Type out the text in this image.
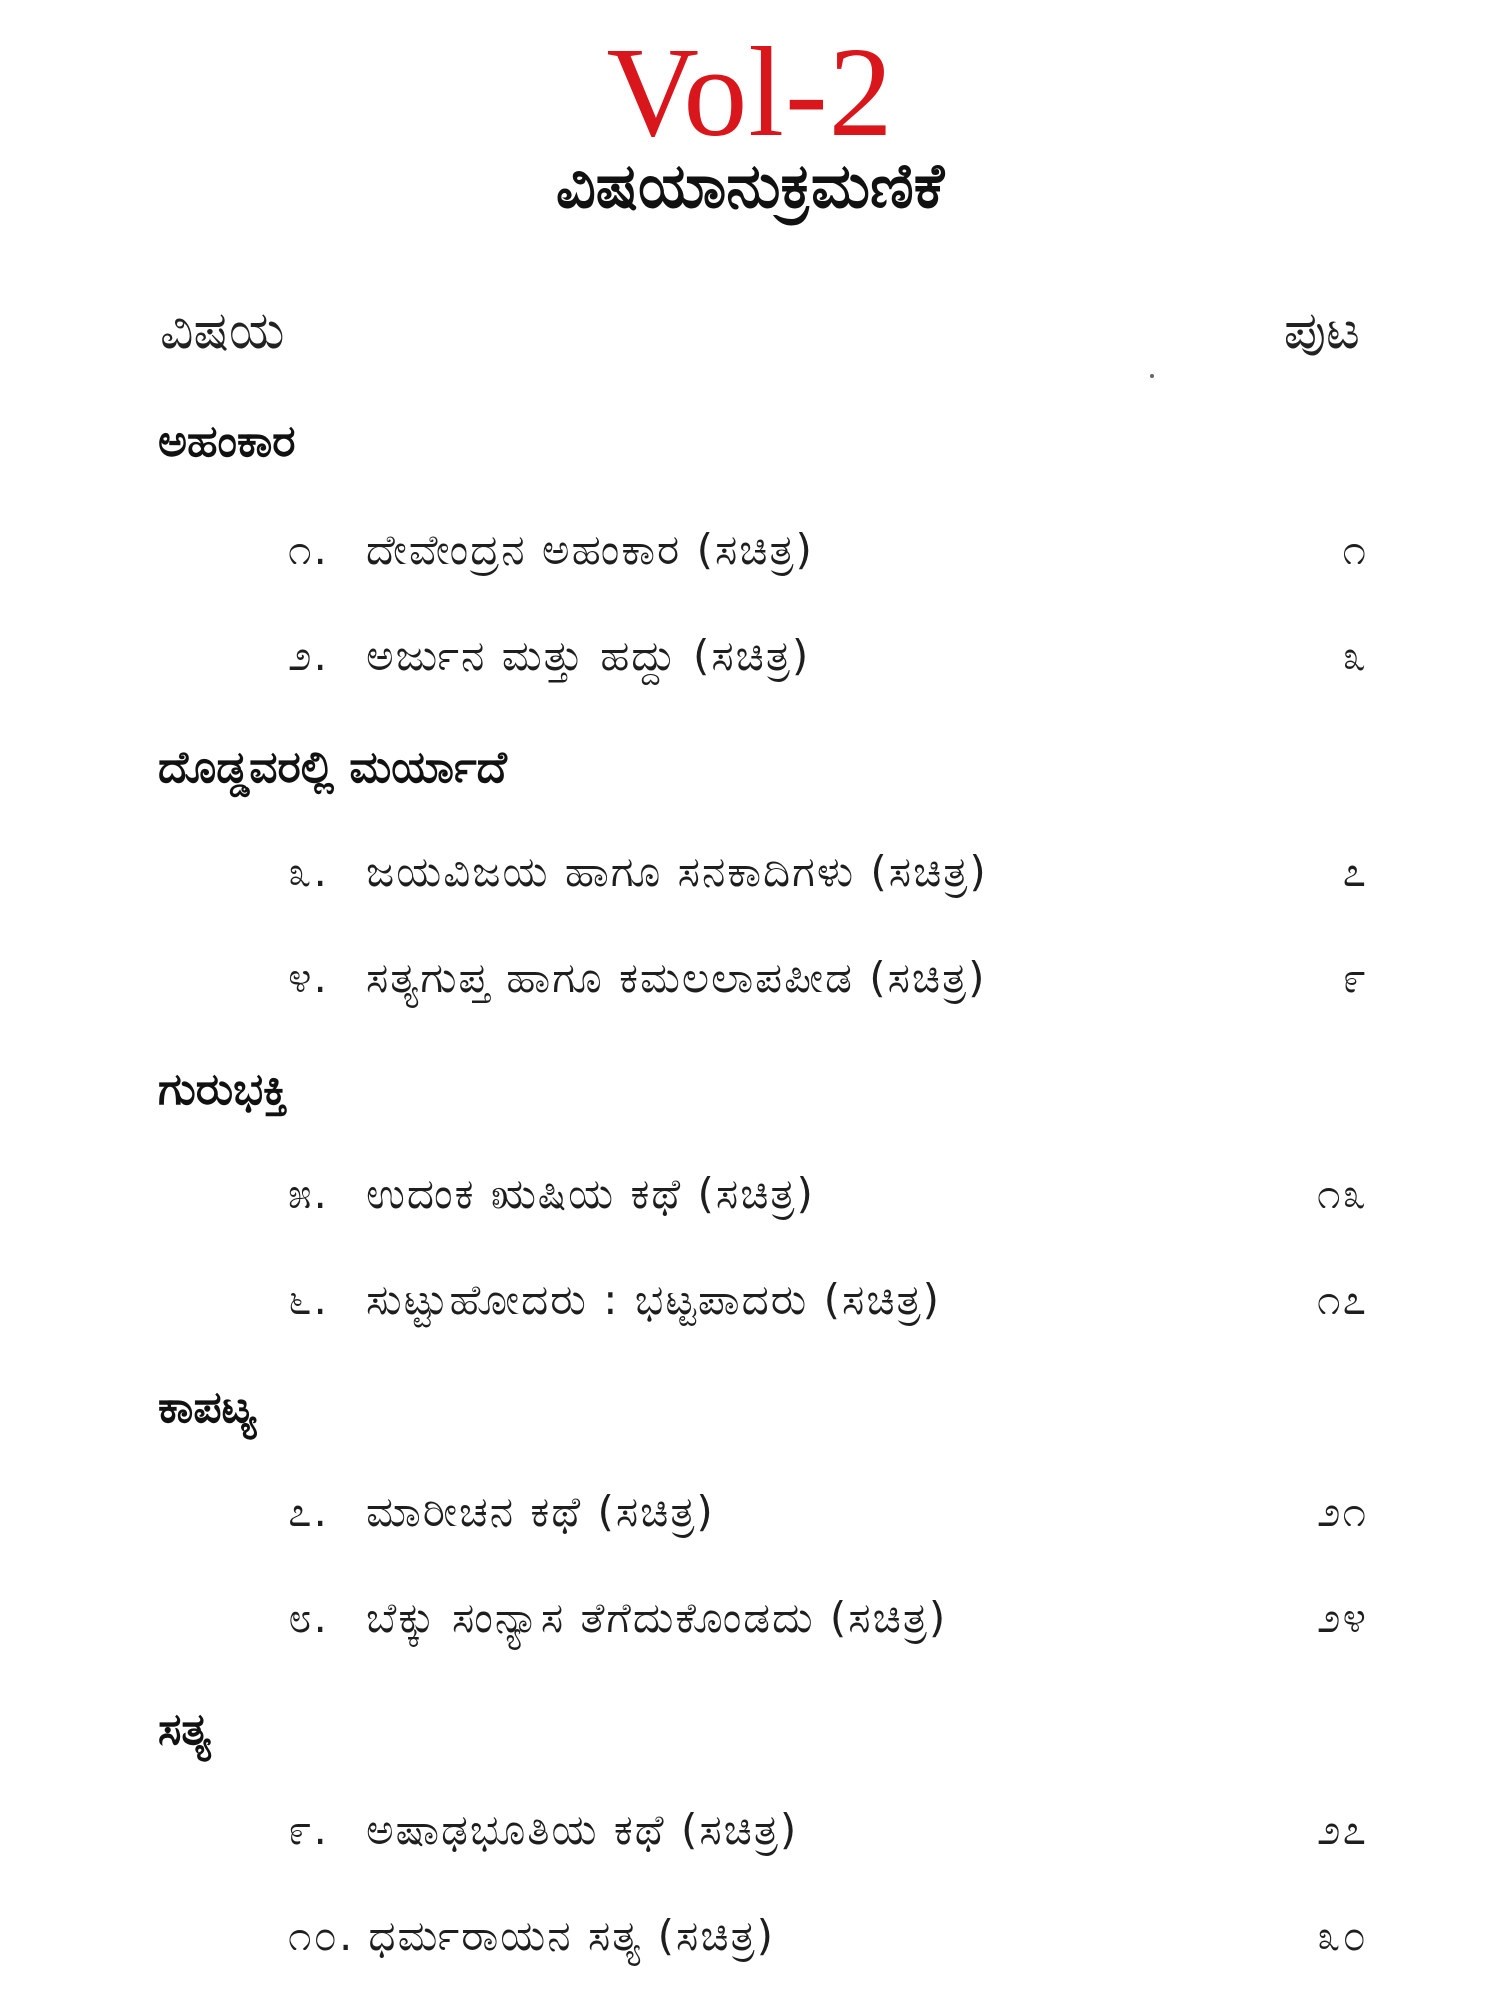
Vol-2
ವಿಷಯಾನುಕ್ರಮಣಿಕೆ
ವಿಷಯ	ಪುಟ
ಅಹಂಕಾರ
೧. ದೇವೇಂದ್ರನ ಅಹಂಕಾರ (ಸಚಿತ್ರ)	೧
೨. ಅರ್ಜುನ ಮತ್ತು ಹದ್ದು (ಸಚಿತ್ರ)	೩
ದೊಡ್ಡವರಲ್ಲಿ ಮರ್ಯಾದೆ
೩. ಜಯವಿಜಯ ಹಾಗೂ ಸನಕಾದಿಗಳು (ಸಚಿತ್ರ)	೭
೪. ಸತ್ಯಗುಪ್ತ ಹಾಗೂ ಕಮಲಲಾಪಪೀಡ (ಸಚಿತ್ರ)	೯
ಗುರುಭಕ್ತಿ
೫. ಉದಂಕ ಋಷಿಯ ಕಥೆ (ಸಚಿತ್ರ)	೧೩
೬. ಸುಟ್ಟುಹೋದರು : ಭಟ್ಟಪಾದರು (ಸಚಿತ್ರ)	೧೭
ಕಾಪಟ್ಯ
೭. ಮಾರೀಚನ ಕಥೆ (ಸಚಿತ್ರ)	೨೧
೮. ಬೆಕ್ಕು ಸಂನ್ಯಾಸ ತೆಗೆದುಕೊಂಡದು (ಸಚಿತ್ರ)	೨೪
ಸತ್ಯ
೯. ಅಷಾಢಭೂತಿಯ ಕಥೆ (ಸಚಿತ್ರ)	೨೭
೧೦. ಧರ್ಮರಾಯನ ಸತ್ಯ (ಸಚಿತ್ರ)	೩೦
